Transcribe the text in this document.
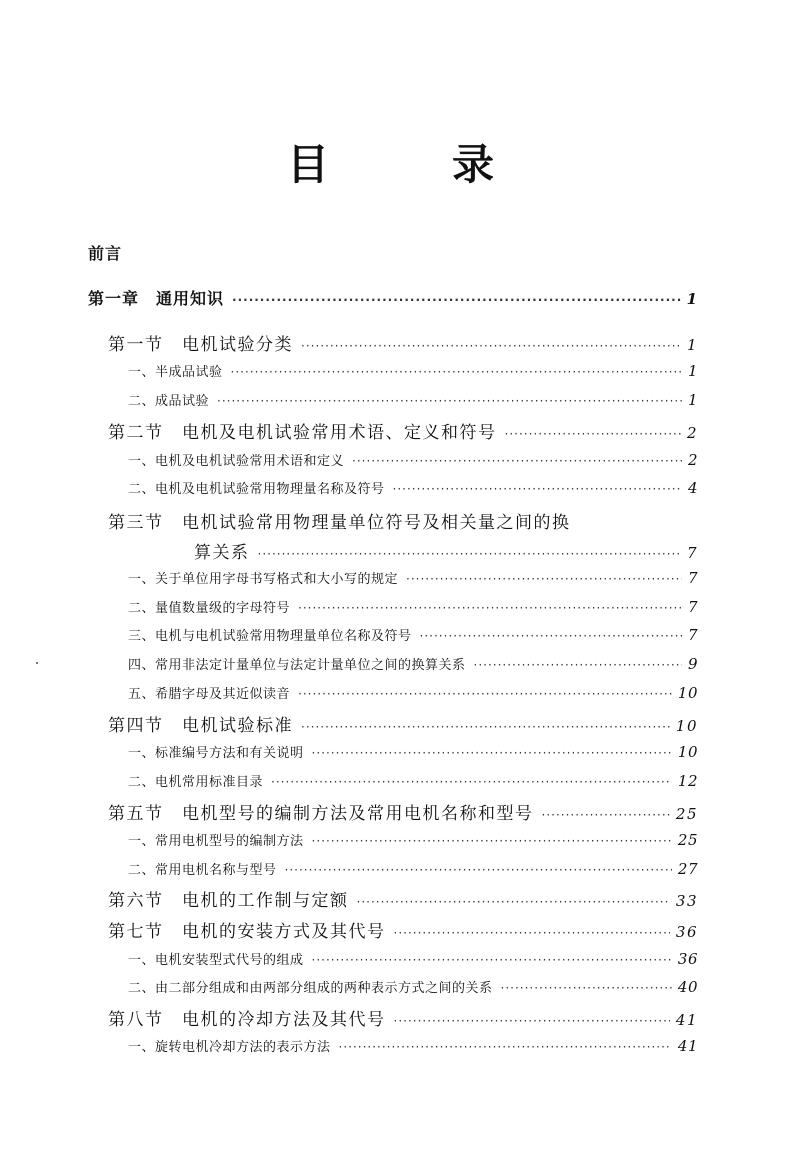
目	录
前言
第一章　通用知识 ·····	1
第一节　电机试验分类 ·····	1
一、半成品试验 ·····	1
二、成品试验 ·····	1
第二节　电机及电机试验常用术语、定义和符号 ·····	2
一、电机及电机试验常用术语和定义 ·····	2
二、电机及电机试验常用物理量名称及符号 ·····	4
第三节　电机试验常用物理量单位符号及相关量之间的换
算关系 ·····	7
一、关于单位用字母书写格式和大小写的规定 ·····	7
二、量值数量级的字母符号 ·····	7
三、电机与电机试验常用物理量单位名称及符号 ·····	7
四、常用非法定计量单位与法定计量单位之间的换算关系 ·····	9
五、希腊字母及其近似读音 ·····	10
第四节　电机试验标准 ·····	10
一、标准编号方法和有关说明 ·····	10
二、电机常用标准目录 ·····	12
第五节　电机型号的编制方法及常用电机名称和型号 ·····	25
一、常用电机型号的编制方法 ·····	25
二、常用电机名称与型号 ·····	27
第六节　电机的工作制与定额 ·····	33
第七节　电机的安装方式及其代号 ·····	36
一、电机安装型式代号的组成 ·····	36
二、由二部分组成和由两部分组成的两种表示方式之间的关系 ·····	40
第八节　电机的冷却方法及其代号 ·····	41
一、旋转电机冷却方法的表示方法 ·····	41
